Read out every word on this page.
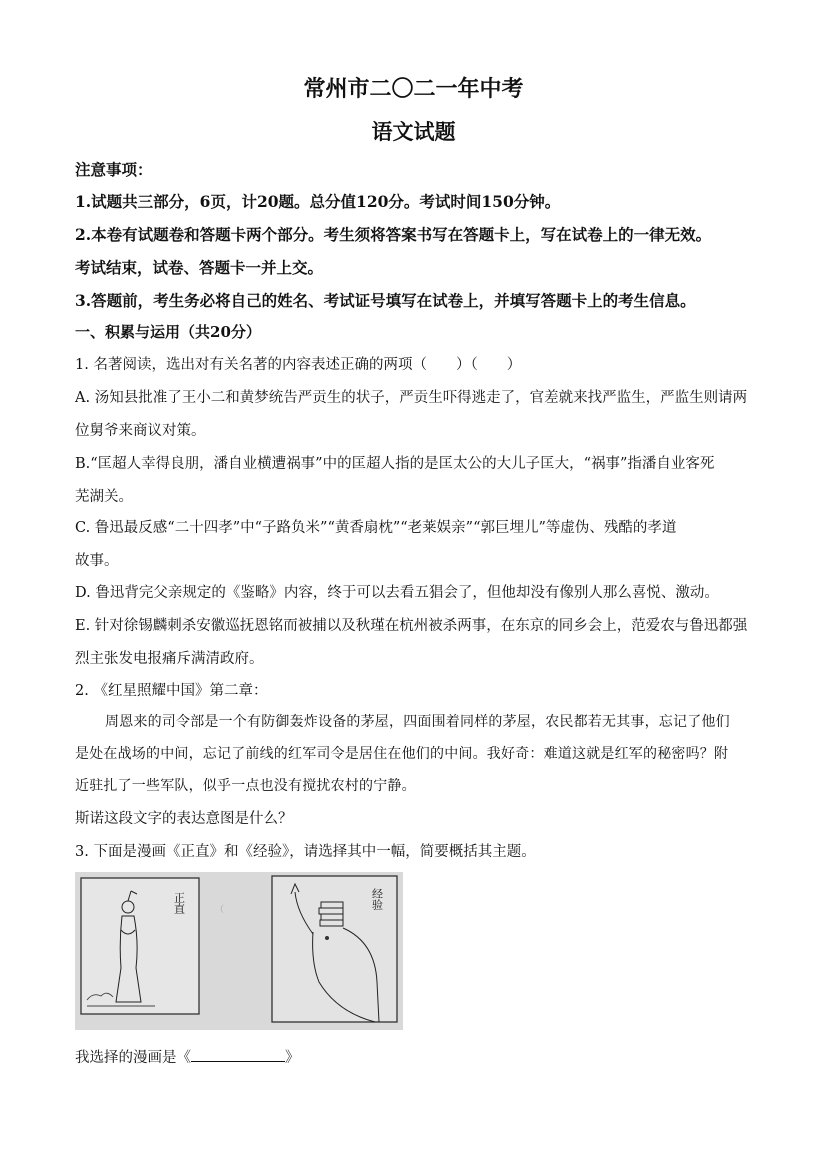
常州市二〇二一年中考
语文试题
注意事项：
1.试题共三部分，6页，计20题。总分值120分。考试时间150分钟。
2.本卷有试题卷和答题卡两个部分。考生须将答案书写在答题卡上，写在试卷上的一律无效。
考试结束，试卷、答题卡一并上交。
3.答题前，考生务必将自己的姓名、考试证号填写在试卷上，并填写答题卡上的考生信息。
一、积累与运用（共20分）
1. 名著阅读，选出对有关名著的内容表述正确的两项（　　）（　　）
A. 汤知县批准了王小二和黄梦统告严贡生的状子，严贡生吓得逃走了，官差就来找严监生，严监生则请两
位舅爷来商议对策。
B.“匡超人幸得良朋，潘自业横遭祸事”中的匡超人指的是匡太公的大儿子匡大，“祸事”指潘自业客死
芜湖关。
C. 鲁迅最反感“二十四孝”中“子路负米”“黄香扇枕”“老莱娱亲”“郭巨埋儿”等虚伪、残酷的孝道
故事。
D. 鲁迅背完父亲规定的《鉴略》内容，终于可以去看五猖会了，但他却没有像别人那么喜悦、激动。
E. 针对徐锡麟刺杀安徽巡抚恩铭而被捕以及秋瑾在杭州被杀两事，在东京的同乡会上，范爱农与鲁迅都强
烈主张发电报痛斥满清政府。
2. 《红星照耀中国》第二章：
周恩来的司令部是一个有防御轰炸设备的茅屋，四面围着同样的茅屋，农民都若无其事，忘记了他们
是处在战场的中间，忘记了前线的红军司令是居住在他们的中间。我好奇：难道这就是红军的秘密吗？附
近驻扎了一些军队，似乎一点也没有搅扰农村的宁静。
斯诺这段文字的表达意图是什么？
3. 下面是漫画《正直》和《经验》，请选择其中一幅，简要概括其主题。
正直	经验
（
我选择的漫画是《	》
